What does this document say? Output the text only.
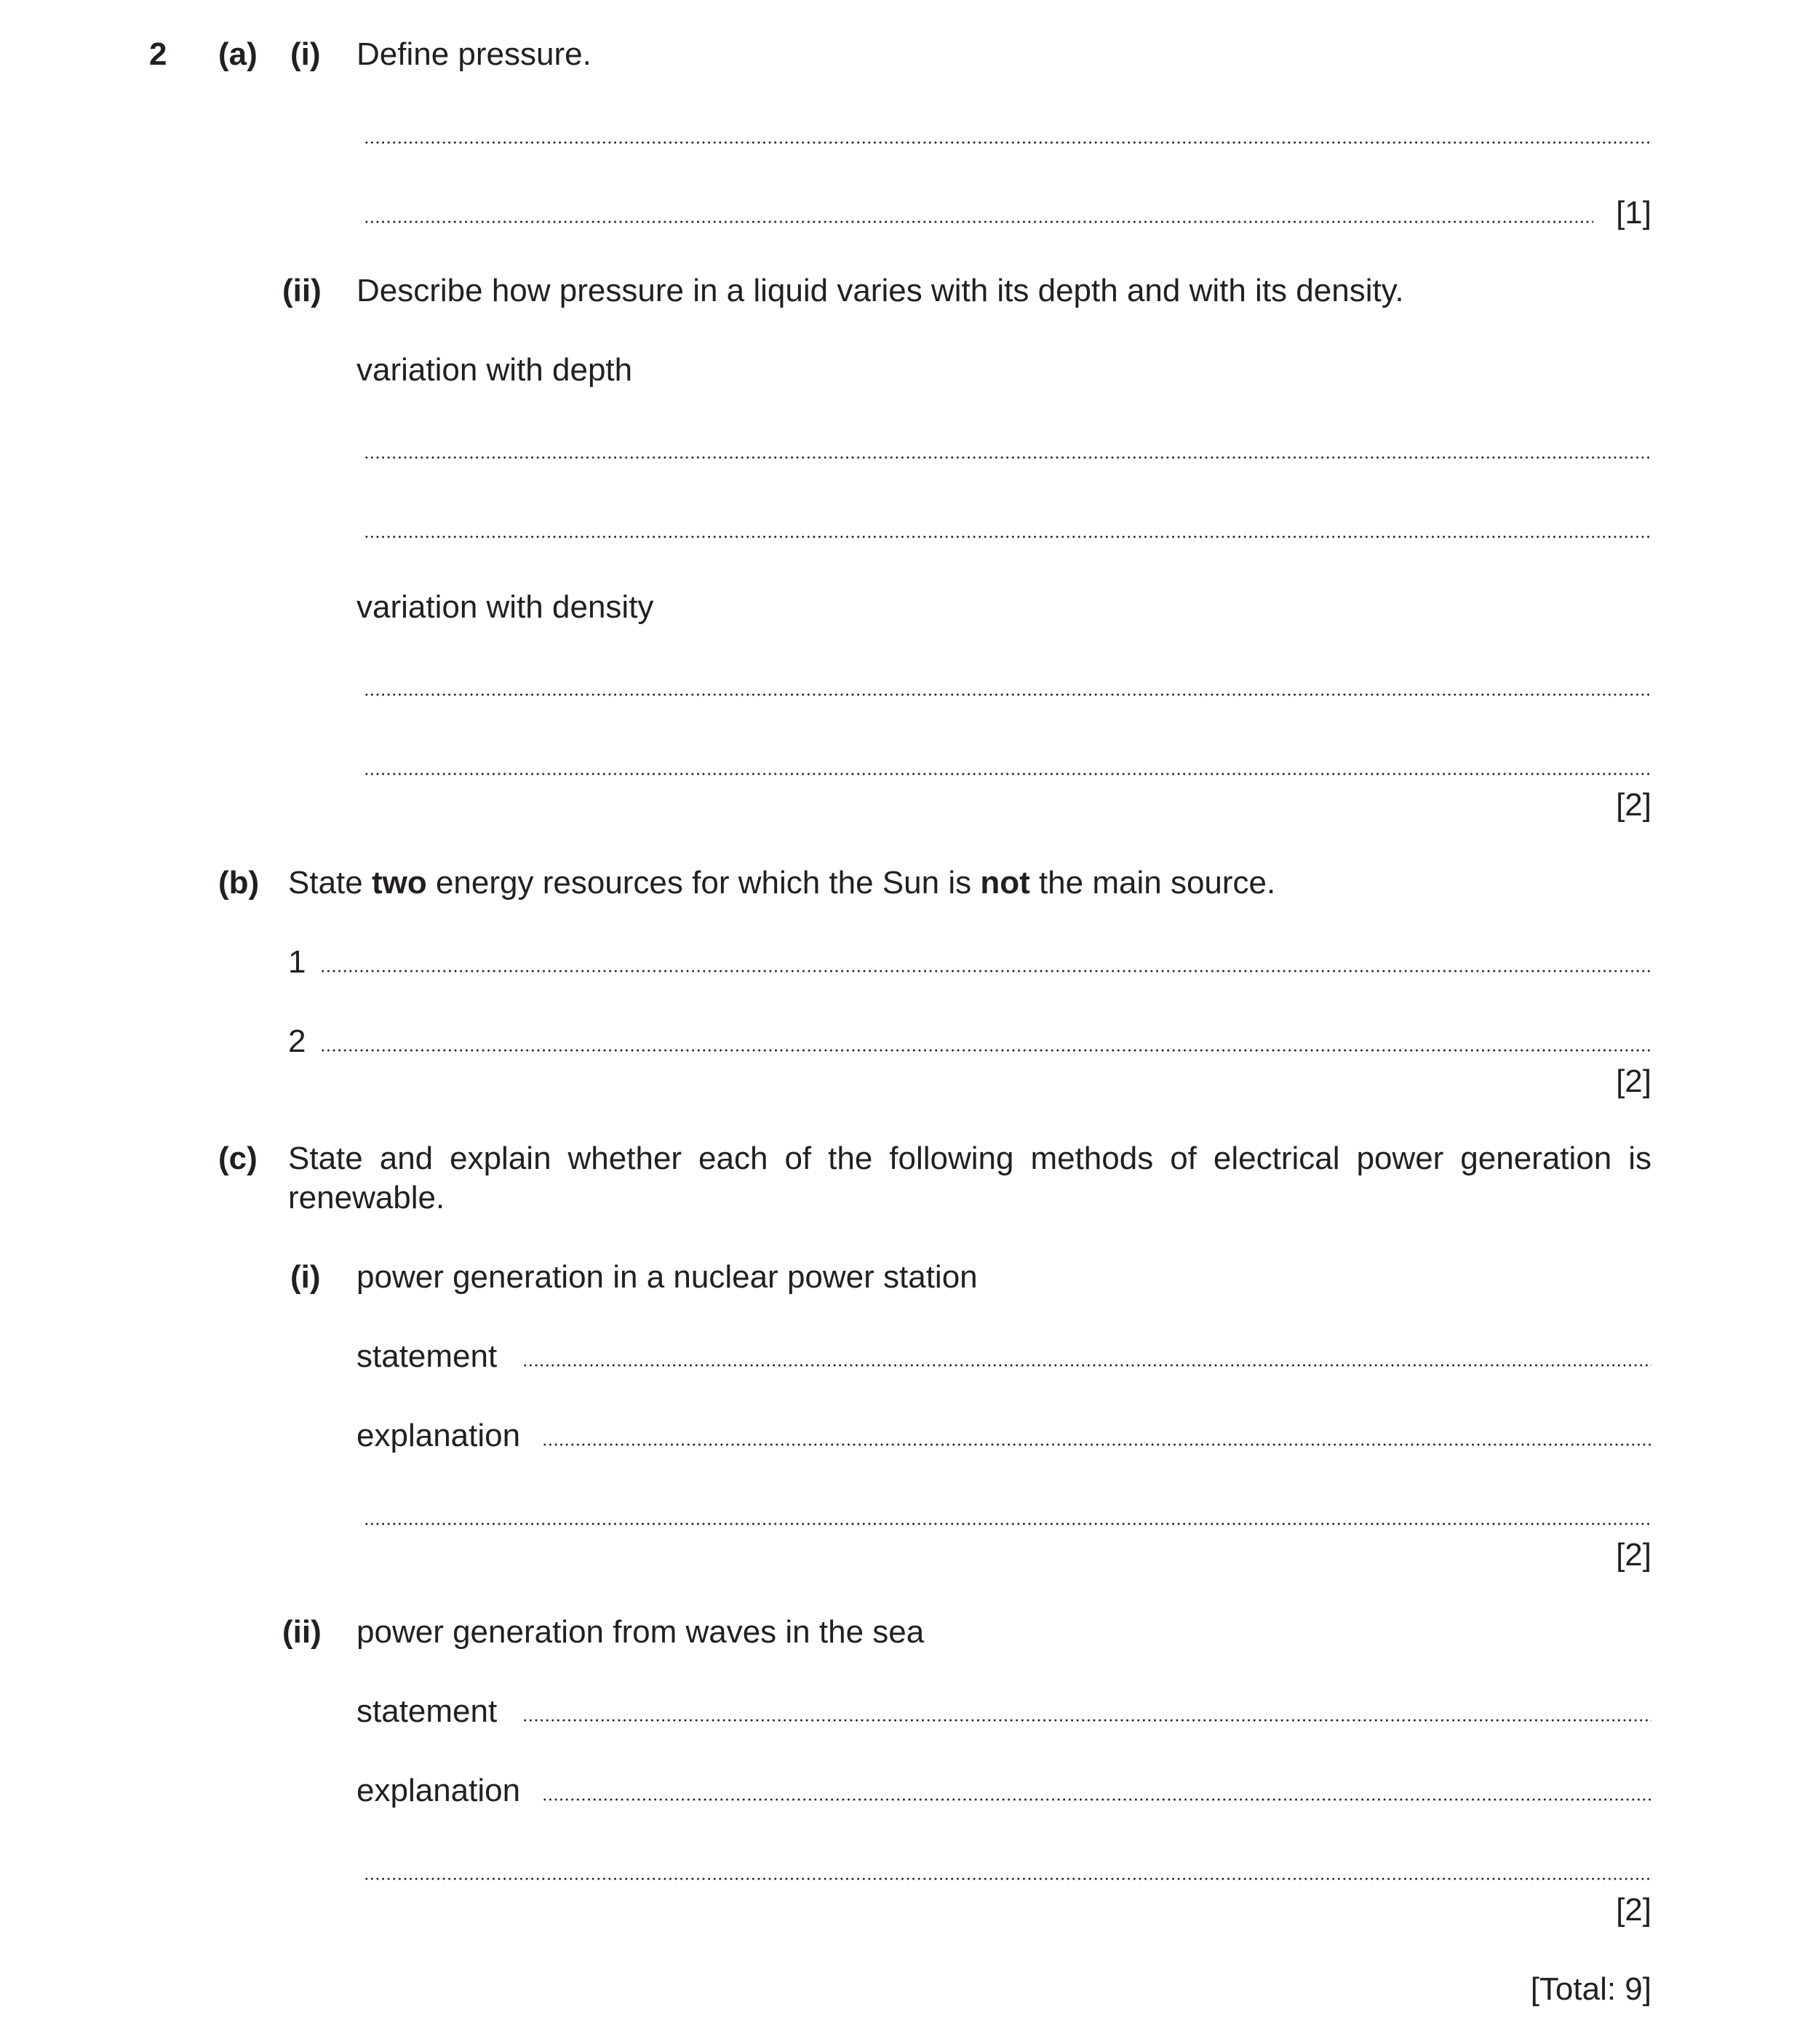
2 (a) (i) Define pressure.
[1]
(ii) Describe how pressure in a liquid varies with its depth and with its density.
variation with depth
variation with density
[2]
(b) State two energy resources for which the Sun is not the main source.
1
2
[2]
(c) State and explain whether each of the following methods of electrical power generation is renewable.
(i) power generation in a nuclear power station
statement
explanation
[2]
(ii) power generation from waves in the sea
statement
explanation
[2]
[Total: 9]
